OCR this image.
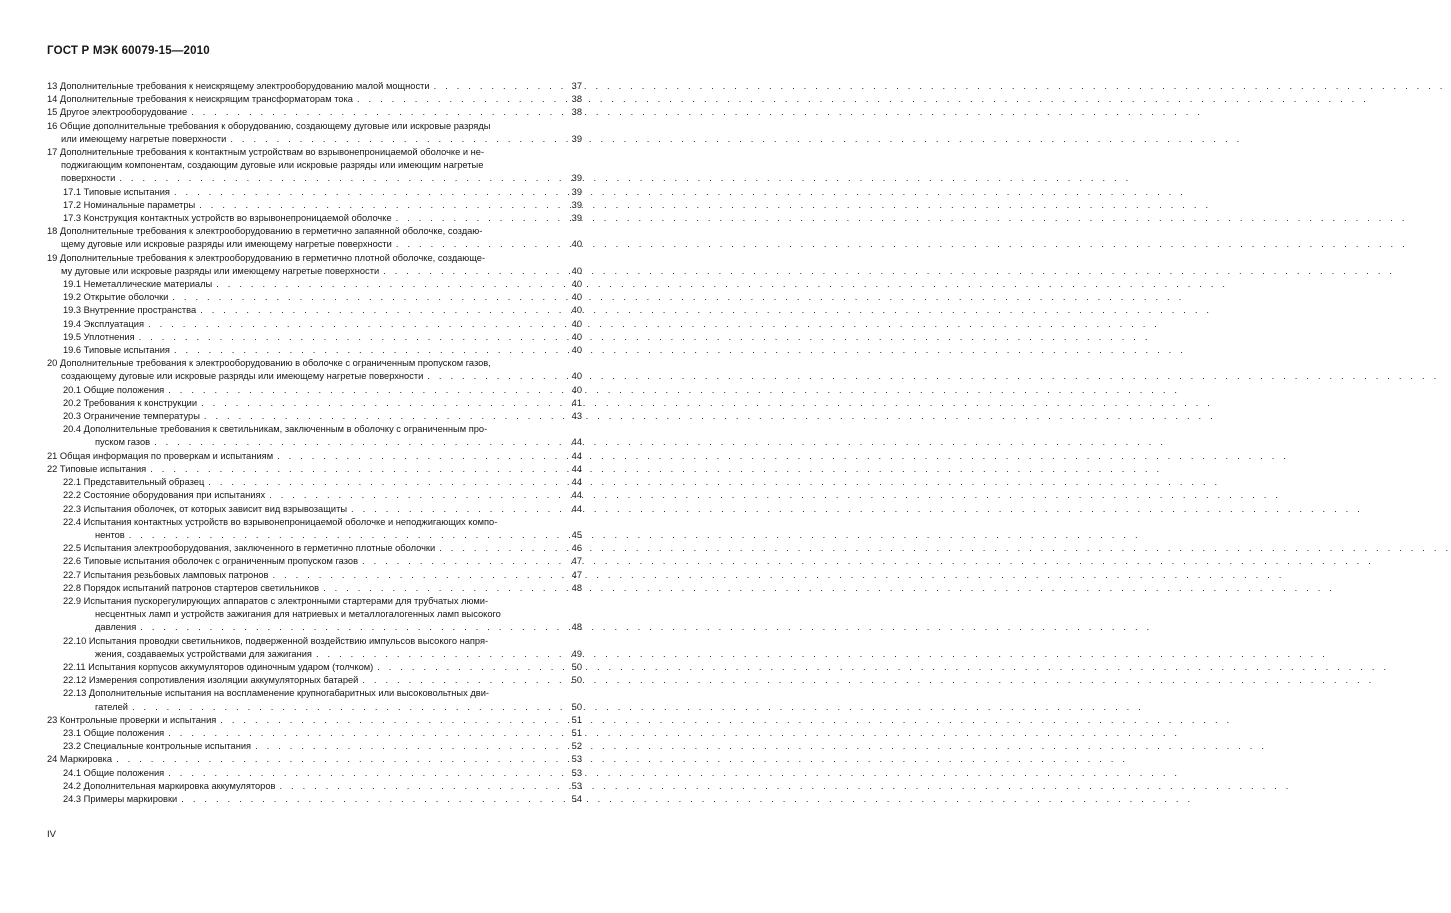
ГОСТ Р МЭК 60079-15—2010
13 Дополнительные требования к неискрящему электрооборудованию малой мощности . . .	37
14 Дополнительные требования к неискрящим трансформаторам тока . . .	38
15 Другое электрооборудование . . .	38
16 Общие дополнительные требования к оборудованию, создающему дуговые или искровые разряды
или имеющему нагретые поверхности . . .	39
17 Дополнительные требования к контактным устройствам во взрывонепроницаемой оболочке и не-
поджигающим компонентам, создающим дуговые или искровые разряды или имеющим нагретые
поверхности . . .	39
17.1 Типовые испытания . . .	39
17.2 Номинальные параметры . . .	39
17.3 Конструкция контактных устройств во взрывонепроницаемой оболочке . . .	39
18 Дополнительные требования к электрооборудованию в герметично запаянной оболочке, создаю-
щему дуговые или искровые разряды или имеющему нагретые поверхности . . .	40
19 Дополнительные требования к электрооборудованию в герметично плотной оболочке, создающе-
му дуговые или искровые разряды или имеющему нагретые поверхности . . .	40
19.1 Неметаллические материалы . . .	40
19.2 Открытие оболочки . . .	40
19.3 Внутренние пространства . . .	40
19.4 Эксплуатация . . .	40
19.5 Уплотнения . . .	40
19.6 Типовые испытания . . .	40
20 Дополнительные требования к электрооборудованию в оболочке с ограниченным пропуском газов,
создающему дуговые или искровые разряды или имеющему нагретые поверхности . . .	40
20.1 Общие положения . . .	40
20.2 Требования к конструкции . . .	41
20.3 Ограничение температуры . . .	43
20.4 Дополнительные требования к светильникам, заключенным в оболочку с ограниченным про-
пуском газов . . .	44
21 Общая информация по проверкам и испытаниям . . .	44
22 Типовые испытания . . .	44
22.1 Представительный образец . . .	44
22.2 Состояние оборудования при испытаниях . . .	44
22.3 Испытания оболочек, от которых зависит вид взрывозащиты . . .	44
22.4 Испытания контактных устройств во взрывонепроницаемой оболочке и неподжигающих компо-
нентов . . .	45
22.5 Испытания электрооборудования, заключенного в герметично плотные оболочки . . .	46
22.6 Типовые испытания оболочек с ограниченным пропуском газов . . .	47
22.7 Испытания резьбовых ламповых патронов . . .	47
22.8 Порядок испытаний патронов стартеров светильников . . .	48
22.9 Испытания пускорегулирующих аппаратов с электронными стартерами для трубчатых люми-
несцентных ламп и устройств зажигания для натриевых и металлогалогенных ламп высокого
давления . . .	48
22.10 Испытания проводки светильников, подверженной воздействию импульсов высокого напря-
жения, создаваемых устройствами для зажигания . . .	49
22.11 Испытания корпусов аккумуляторов одиночным ударом (толчком) . . .	50
22.12 Измерения сопротивления изоляции аккумуляторных батарей . . .	50
22.13 Дополнительные испытания на воспламенение крупногабаритных или высоковольтных дви-
гателей . . .	50
23 Контрольные проверки и испытания . . .	51
23.1 Общие положения . . .	51
23.2 Специальные контрольные испытания . . .	52
24 Маркировка . . .	53
24.1 Общие положения . . .	53
24.2 Дополнительная маркировка аккумуляторов . . .	53
24.3 Примеры маркировки . . .	54
IV
